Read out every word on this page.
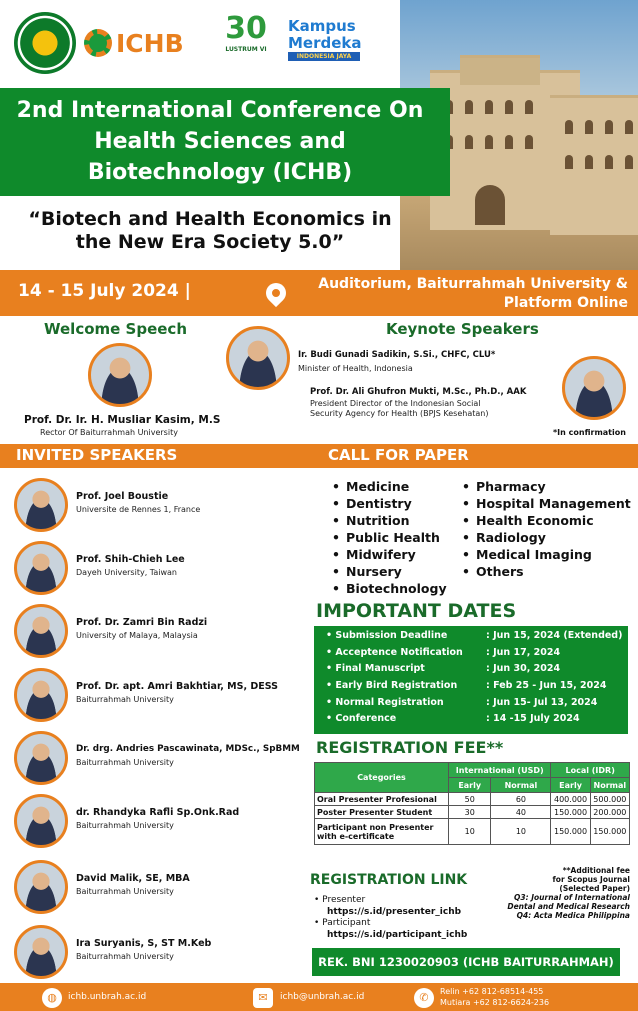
ICHB 30
LUSTRUM VI
Kampus
Merdeka
INDONESIA JAYA
2nd International Conference On Health Sciences and Biotechnology (ICHB)
“Biotech and Health Economics in the New Era Society 5.0”
14 - 15 July 2024 |	Auditorium, Baiturrahmah University & Platform Online
Welcome Speech
Prof. Dr. Ir. H. Musliar Kasim, M.S
Rector Of Baiturrahmah University
Keynote Speakers
Ir. Budi Gunadi Sadikin, S.Si., CHFC, CLU*
Minister of Health, Indonesia
Prof. Dr. Ali Ghufron Mukti, M.Sc., Ph.D., AAK
President Director of the Indonesian Social
Security Agency for Health (BPJS Kesehatan)
*In confirmation
INVITED SPEAKERS	CALL FOR PAPER
Prof. Joel Boustie
Universite de Rennes 1, France
Prof. Shih-Chieh Lee
Dayeh University, Taiwan
Prof. Dr. Zamri Bin Radzi
University of Malaya, Malaysia
Prof. Dr. apt. Amri Bakhtiar, MS, DESS
Baiturrahmah University
Dr. drg. Andries Pascawinata, MDSc., SpBMM
Baiturrahmah University
dr. Rhandyka Rafli Sp.Onk.Rad
Baiturrahmah University
David Malik, SE, MBA
Baiturrahmah University
Ira Suryanis, S, ST M.Keb
Baiturrahmah University
• Medicine
• Dentistry
• Nutrition
• Public Health
• Midwifery
• Nursery
• Biotechnology
• Pharmacy
• Hospital Management
• Health Economic
• Radiology
• Medical Imaging
• Others
IMPORTANT DATES
• Submission Deadline	: Jun 15, 2024 (Extended)
• Acceptence Notification : Jun 17, 2024
• Final Manuscript	: Jun 30, 2024
• Early Bird Registration	: Feb 25 - Jun 15, 2024
• Normal Registration	: Jun 15- Jul 13, 2024
• Conference	: 14 -15 July 2024
REGISTRATION FEE**
Categories	International (USD)		Local (IDR)	
	Early	Normal	Early	Normal
Oral Presenter Profesional	50	60	400.000	500.000
Poster Presenter Student	30	40	150.000	200.000
Participant non Presenter with e-certificate	10	10	150.000	150.000
**Additional fee
for Scopus Journal
(Selected Paper)
Q3: Journal of International
Dental and Medical Research
Q4: Acta Medica Philippina
REGISTRATION LINK
• Presenter
https://s.id/presenter_ichb
• Participant
https://s.id/participant_ichb
REK. BNI 1230020903 (ICHB BAITURRAHMAH)
◍	ichb.unbrah.ac.id	✉	ichb@unbrah.ac.id	✆	Relin +62 812-68514-455
Mutiara +62 812-6624-236
